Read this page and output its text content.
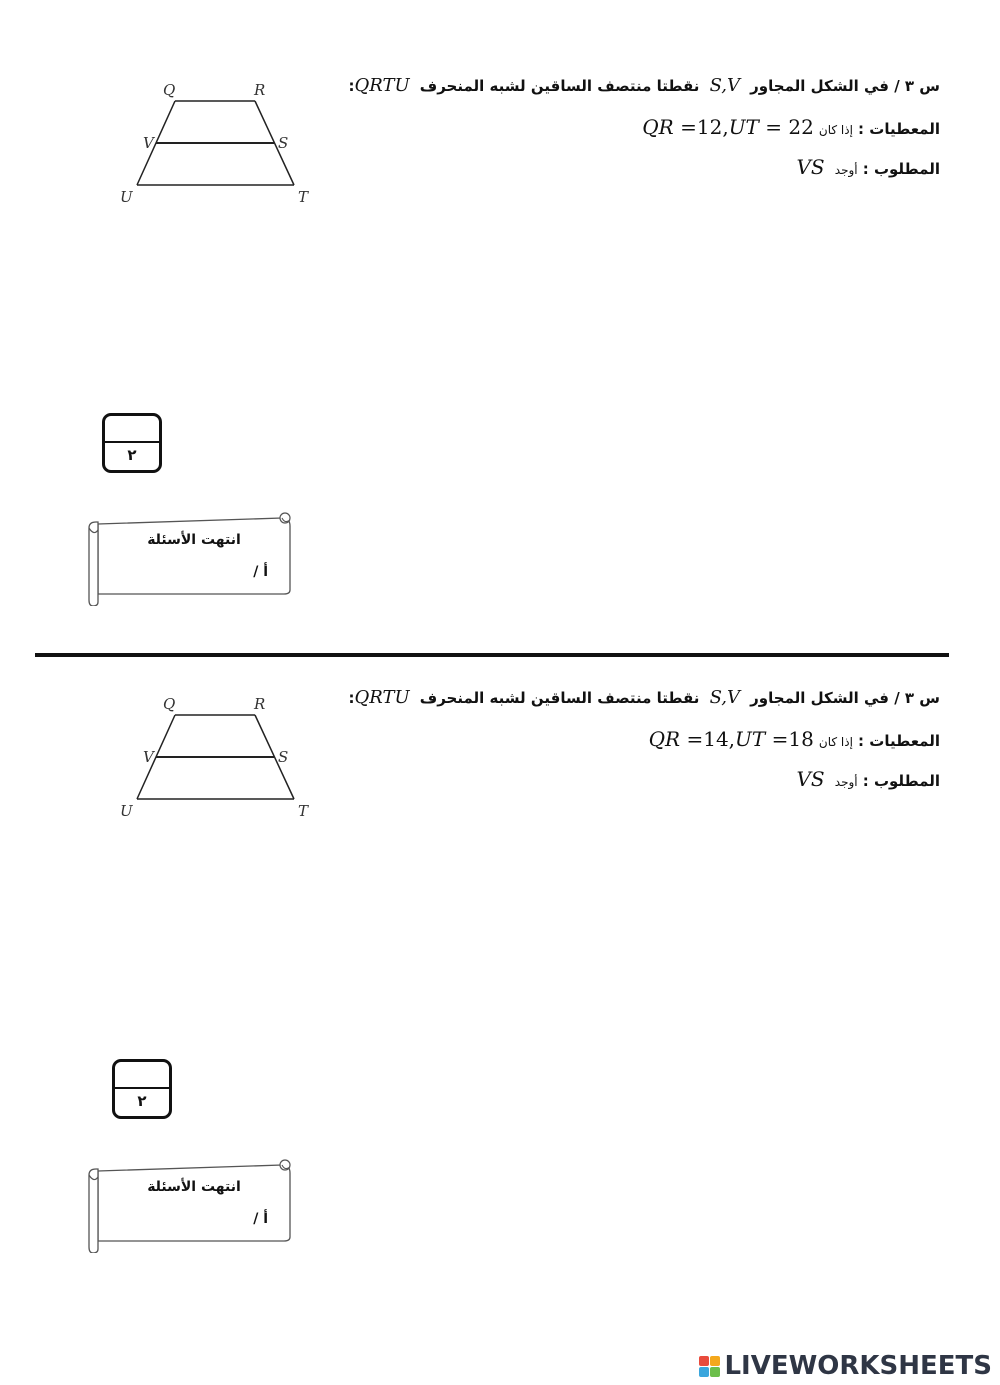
س ٣ / في الشكل المجاور  S,V  نقطتا منتصف الساقين لشبه المنحرف  QRTU:
المعطيات : إذا كان QR =12,UT = 22
المطلوب : أوجد  VS
Q	R
V	S
U	T
٢
انتهت الأسئلة
أ /
س ٣ / في الشكل المجاور  S,V  نقطتا منتصف الساقين لشبه المنحرف  QRTU:
المعطيات : إذا كان QR =14,UT =18
المطلوب : أوجد  VS
Q	R
V	S
U	T
٢
انتهت الأسئلة
أ /
LIVEWORKSHEETS
